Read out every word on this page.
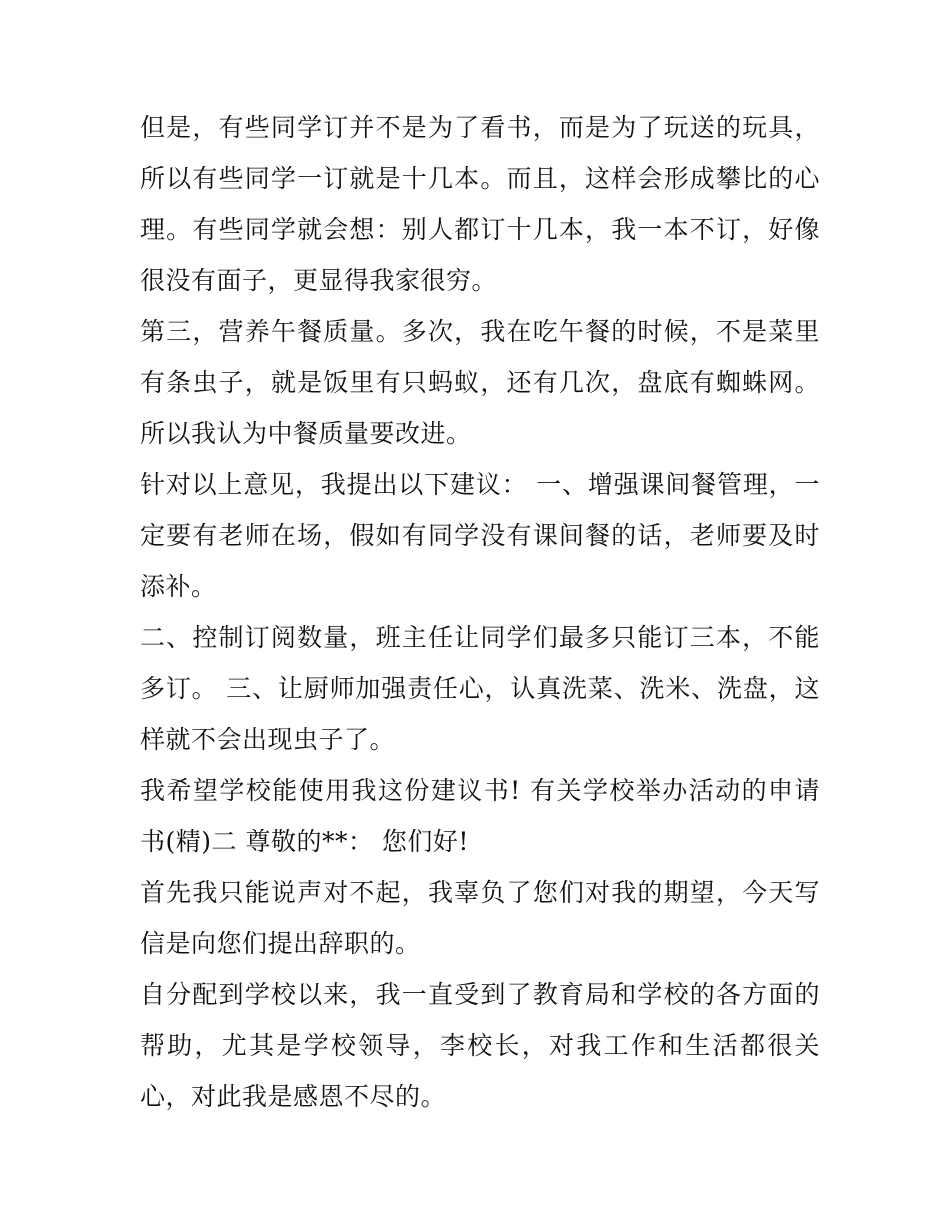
但是，有些同学订并不是为了看书，而是为了玩送的玩具，所以有些同学一订就是十几本。而且，这样会形成攀比的心理。有些同学就会想：别人都订十几本，我一本不订，好像很没有面子，更显得我家很穷。

第三，营养午餐质量。多次，我在吃午餐的时候，不是菜里有条虫子，就是饭里有只蚂蚁，还有几次，盘底有蜘蛛网。所以我认为中餐质量要改进。

针对以上意见，我提出以下建议： 一、增强课间餐管理，一定要有老师在场，假如有同学没有课间餐的话，老师要及时添补。

二、控制订阅数量，班主任让同学们最多只能订三本，不能多订。 三、让厨师加强责任心，认真洗菜、洗米、洗盘，这样就不会出现虫子了。

我希望学校能使用我这份建议书! 有关学校举办活动的申请书(精)二 尊敬的**： 您们好!

首先我只能说声对不起，我辜负了您们对我的期望，今天写信是向您们提出辞职的。

自分配到学校以来，我一直受到了教育局和学校的各方面的帮助，尤其是学校领导，李校长，对我工作和生活都很关心，对此我是感恩不尽的。
